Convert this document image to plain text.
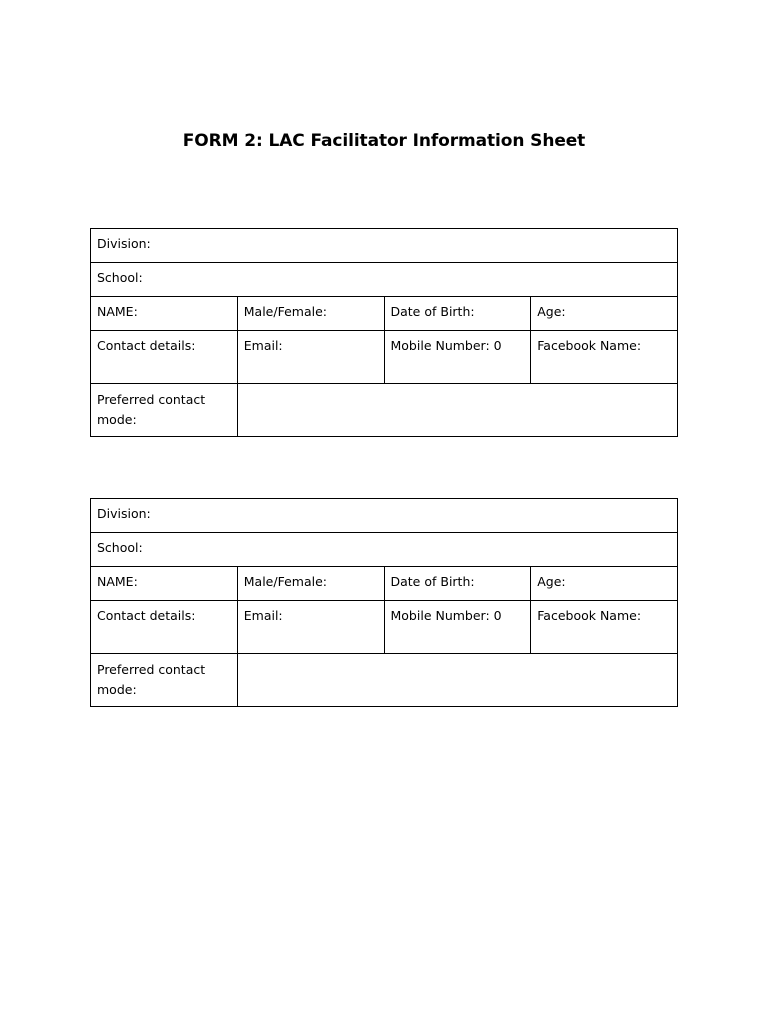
FORM 2: LAC Facilitator Information Sheet
Division:			
School:			
NAME:	Male/Female:	Date of Birth:	Age:
Contact details:	Email:	Mobile Number: 0	Facebook Name:
Preferred contact mode:			
Division:			
School:			
NAME:	Male/Female:	Date of Birth:	Age:
Contact details:	Email:	Mobile Number: 0	Facebook Name:
Preferred contact mode:			
